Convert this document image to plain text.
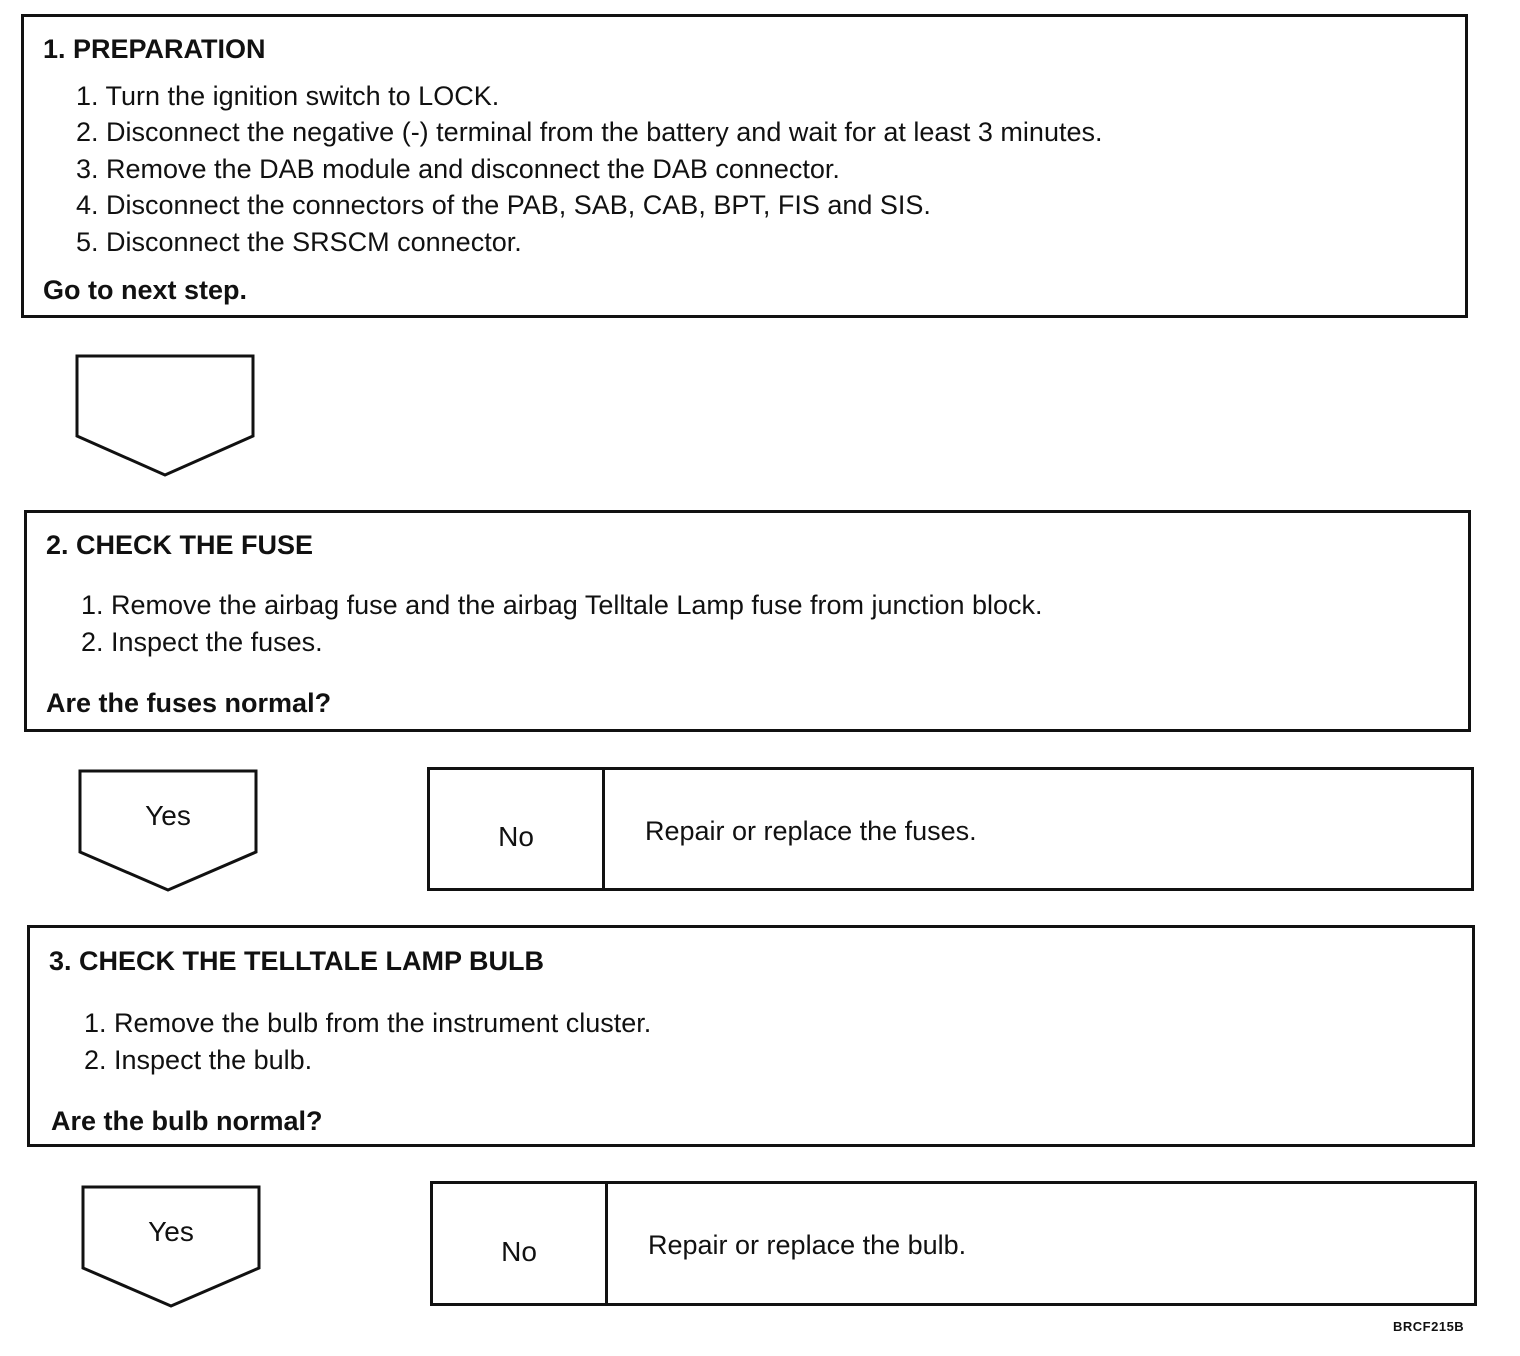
1. PREPARATION
1. Turn the ignition switch to LOCK.
2. Disconnect the negative (-) terminal from the battery and wait for at least 3 minutes.
3. Remove the DAB module and disconnect the DAB connector.
4. Disconnect the connectors of the PAB, SAB, CAB, BPT, FIS and SIS.
5. Disconnect the SRSCM connector.
Go to next step.
2. CHECK THE FUSE
1. Remove the airbag fuse and the airbag Telltale Lamp fuse from junction block.
2. Inspect the fuses.
Are the fuses normal?
Yes
No	Repair or replace the fuses.
3. CHECK THE TELLTALE LAMP BULB
1. Remove the bulb from the instrument cluster.
2. Inspect the bulb.
Are the bulb normal?
Yes
No	Repair or replace the bulb.
BRCF215B
